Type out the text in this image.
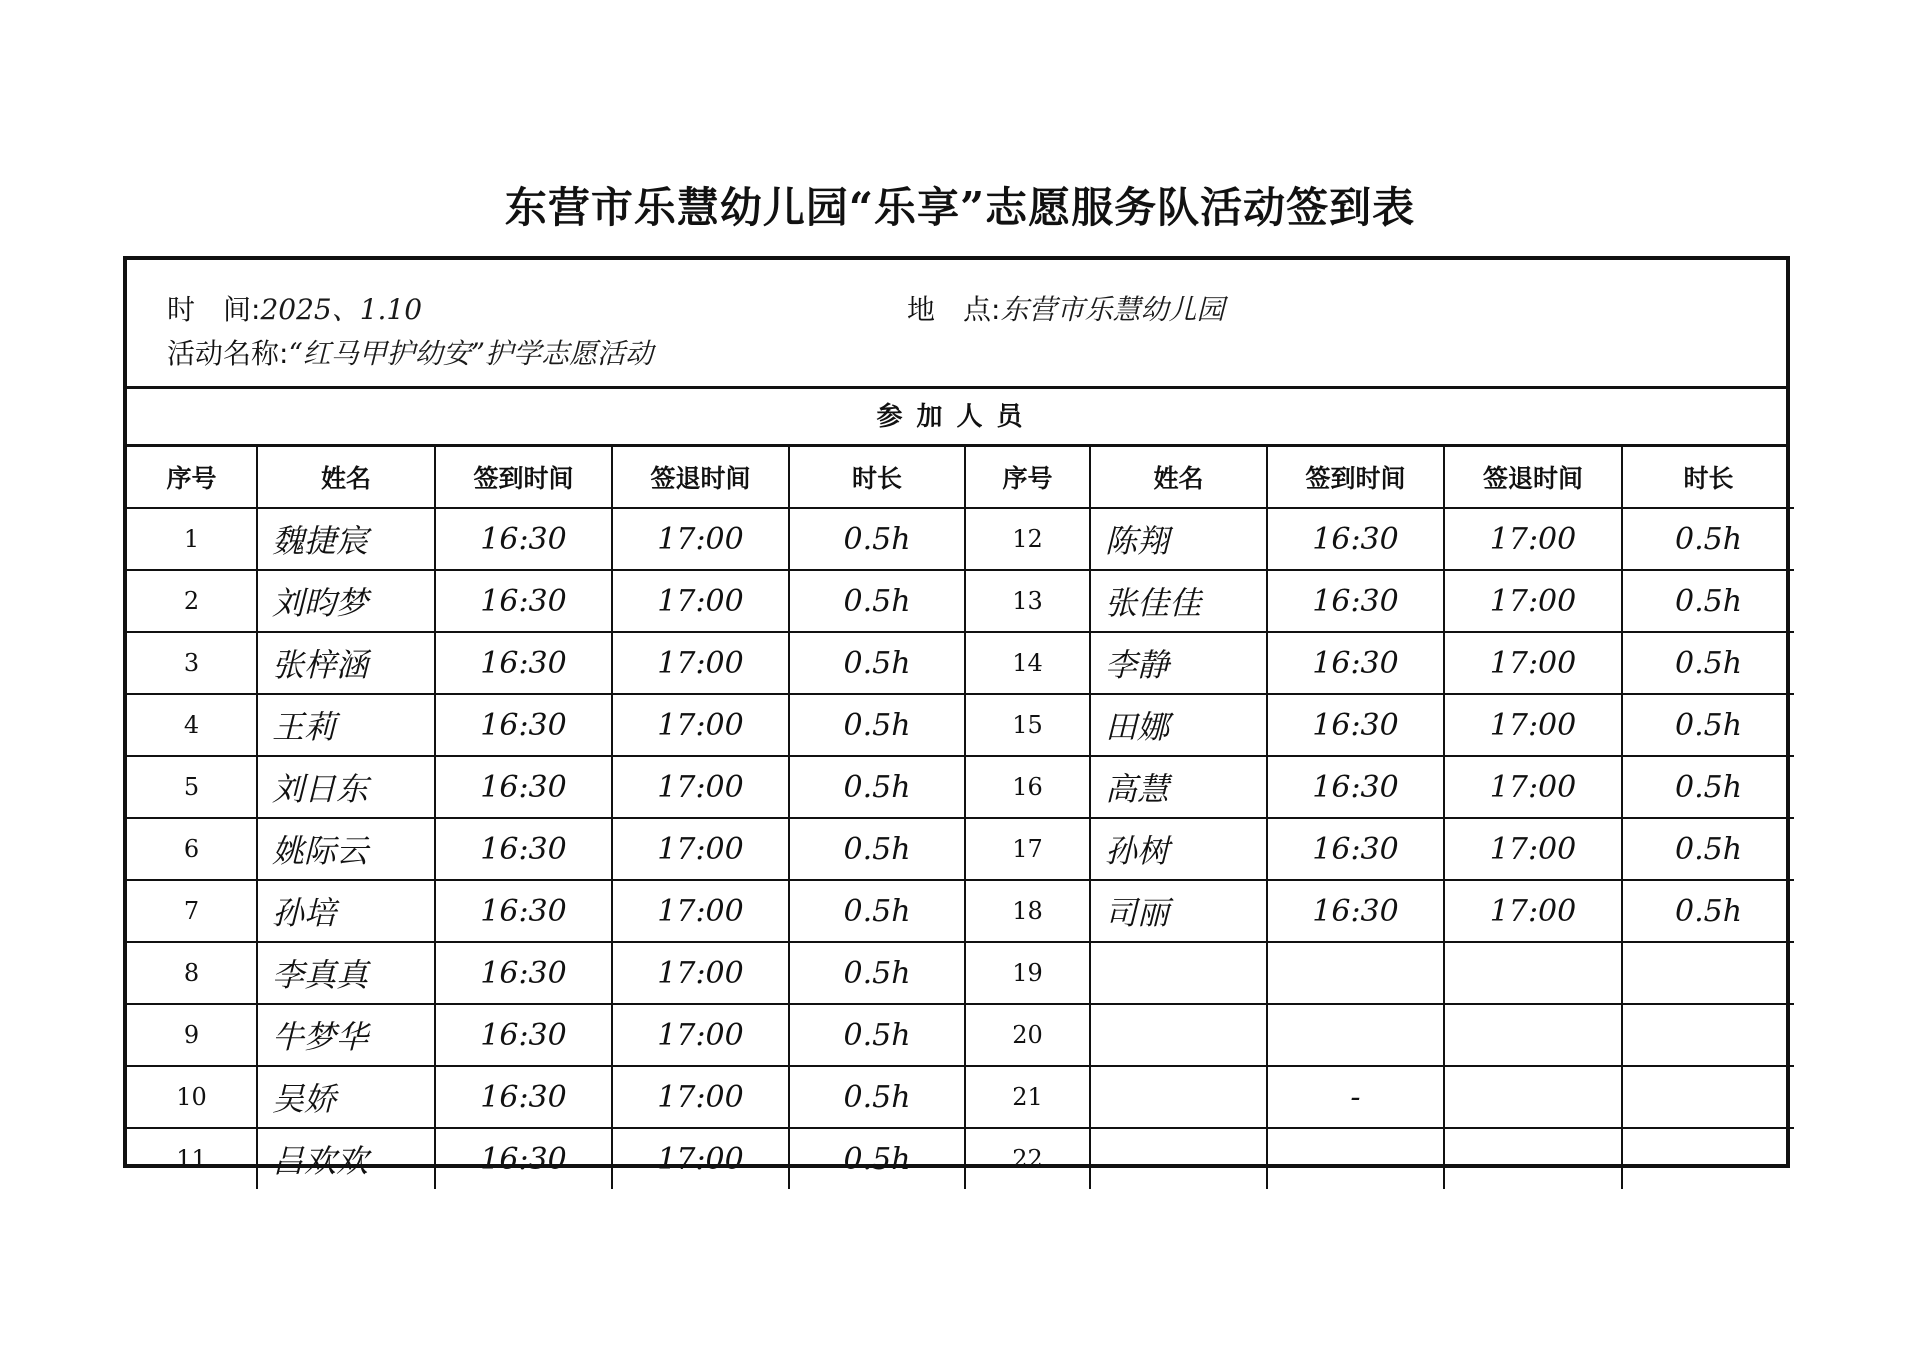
东营市乐慧幼儿园“乐享”志愿服务队活动签到表
时　间:2025、1.10	地　点:东营市乐慧幼儿园
活动名称:“红马甲护幼安”护学志愿活动
参加人员
序号	姓名	签到时间	签退时间	时长	序号	姓名	签到时间	签退时间	时长
1	魏捷宸	16:30	17:00	0.5h	12	陈翔	16:30	17:00	0.5h
2	刘昀梦	16:30	17:00	0.5h	13	张佳佳	16:30	17:00	0.5h
3	张梓涵	16:30	17:00	0.5h	14	李静	16:30	17:00	0.5h
4	王莉	16:30	17:00	0.5h	15	田娜	16:30	17:00	0.5h
5	刘日东	16:30	17:00	0.5h	16	高慧	16:30	17:00	0.5h
6	姚际云	16:30	17:00	0.5h	17	孙树	16:30	17:00	0.5h
7	孙培	16:30	17:00	0.5h	18	司丽	16:30	17:00	0.5h
8	李真真	16:30	17:00	0.5h	19				
9	牛梦华	16:30	17:00	0.5h	20				
10	吴娇	16:30	17:00	0.5h	21		-		
11	吕欢欢	16:30	17:00	0.5h	22				
